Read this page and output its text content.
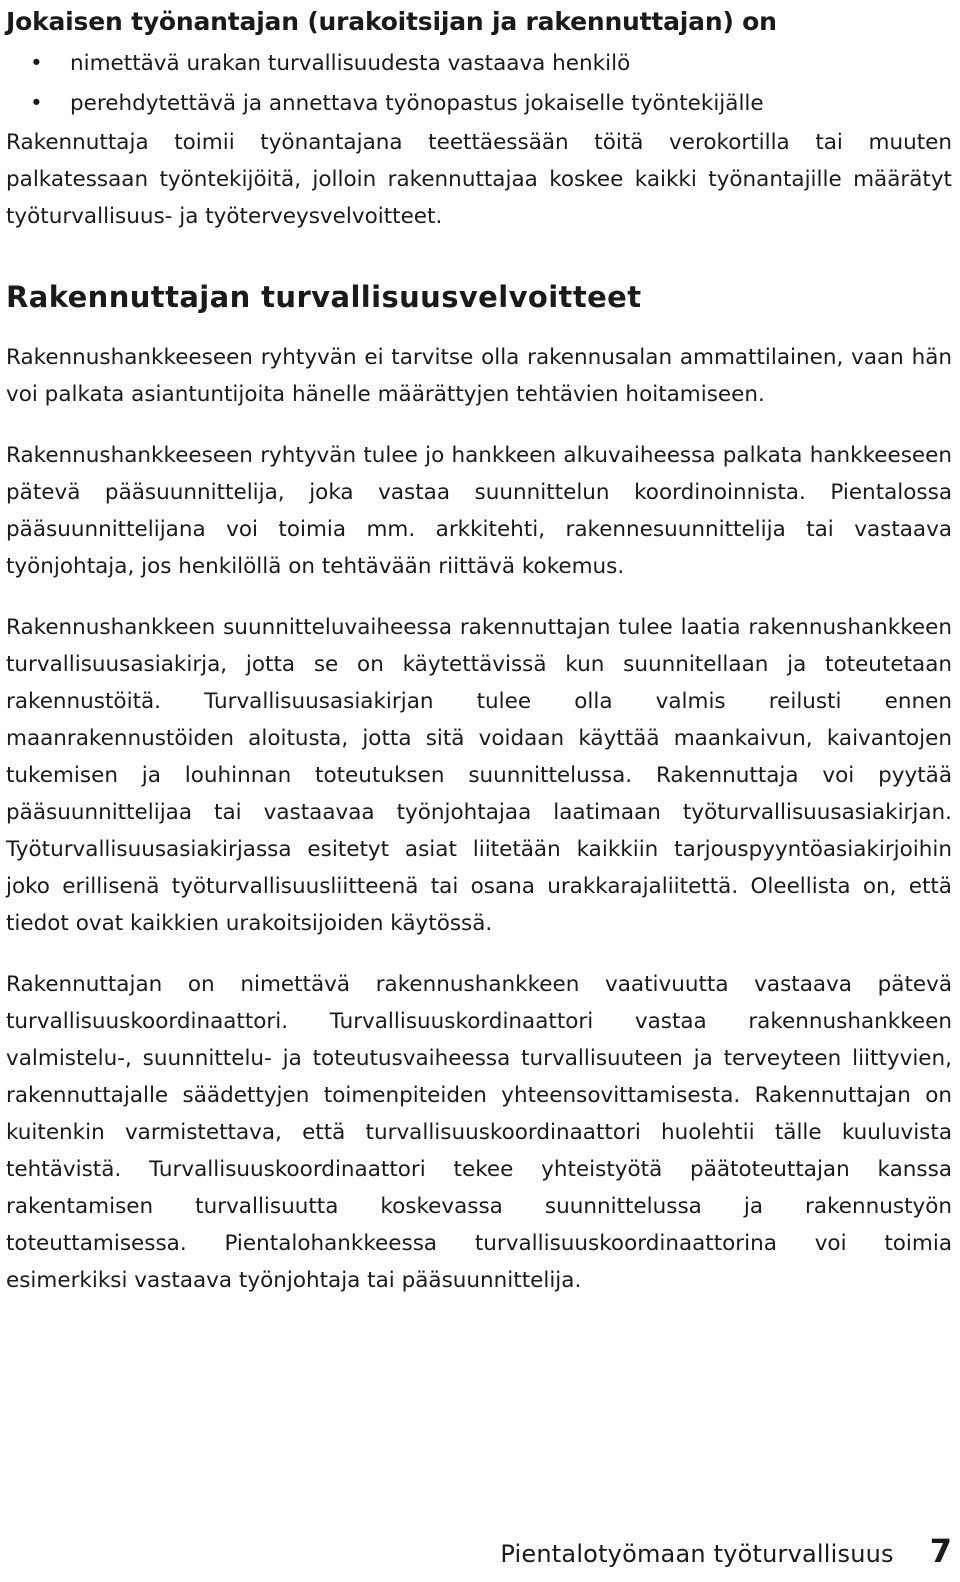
Jokaisen työnantajan (urakoitsijan ja rakennuttajan) on
• nimettävä urakan turvallisuudesta vastaava henkilö
• perehdytettävä ja annettava työnopastus jokaiselle työntekijälle

Rakennuttaja toimii työnantajana teettäessään töitä verokortilla tai muuten palkatessaan työntekijöitä, jolloin rakennuttajaa koskee kaikki työnantajille määrätyt työturvallisuus- ja työterveysvelvoitteet.

Rakennuttajan turvallisuusvelvoitteet

Rakennushankkeeseen ryhtyvän ei tarvitse olla rakennusalan ammattilainen, vaan hän voi palkata asiantuntijoita hänelle määrättyjen tehtävien hoitamiseen.

Rakennushankkeeseen ryhtyvän tulee jo hankkeen alkuvaiheessa palkata hankkeeseen pätevä pääsuunnittelija, joka vastaa suunnittelun koordinoinnista. Pientalossa pääsuunnittelijana voi toimia mm. arkkitehti, rakennesuunnittelija tai vastaava työnjohtaja, jos henkilöllä on tehtävään riittävä kokemus.

Rakennushankkeen suunnitteluvaiheessa rakennuttajan tulee laatia rakennushankkeen turvallisuusasiakirja, jotta se on käytettävissä kun suunnitellaan ja toteutetaan rakennustöitä. Turvallisuusasiakirjan tulee olla valmis reilusti ennen maanrakennustöiden aloitusta, jotta sitä voidaan käyttää maankaivun, kaivantojen tukemisen ja louhinnan toteutuksen suunnittelussa. Rakennuttaja voi pyytää pääsuunnittelijaa tai vastaavaa työnjohtajaa laatimaan työturvallisuusasiakirjan. Työturvallisuusasiakirjassa esitetyt asiat liitetään kaikkiin tarjouspyyntöasiakirjoihin joko erillisenä työturvallisuusliitteenä tai osana urakkarajaliitettä. Oleellista on, että tiedot ovat kaikkien urakoitsijoiden käytössä.

Rakennuttajan on nimettävä rakennushankkeen vaativuutta vastaava pätevä turvallisuuskoordinaattori. Turvallisuuskordinaattori vastaa rakennushankkeen valmistelu-, suunnittelu- ja toteutusvaiheessa turvallisuuteen ja terveyteen liittyvien, rakennuttajalle säädettyjen toimenpiteiden yhteensovittamisesta. Rakennuttajan on kuitenkin varmistettava, että turvallisuuskoordinaattori huolehtii tälle kuuluvista tehtävistä. Turvallisuuskoordinaattori tekee yhteistyötä päätoteuttajan kanssa rakentamisen turvallisuutta koskevassa suunnittelussa ja rakennustyön toteuttamisessa. Pientalohankkeessa turvallisuuskoordinaattorina voi toimia esimerkiksi vastaava työnjohtaja tai pääsuunnittelija.

Pientalotyömaan työturvallisuus 7
